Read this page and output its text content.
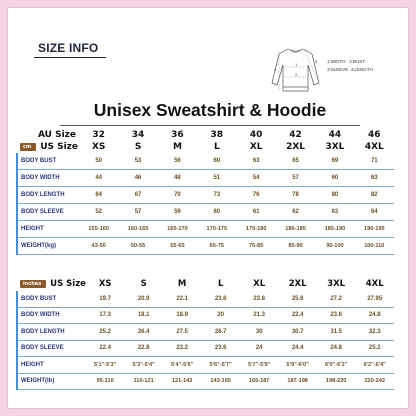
SIZE INFO
1
2
3
4
1:WIDTH 2:BUST
3:SLEEVE 4:LENGTH
Unisex Sweatshirt & Hoodie
AU Size	32	34	36	38	40	42	44	46
cm US Size	XS	S	M	L	XL	2XL	3XL	4XL
BODY BUST	50	53	56	60	63	65	69	71
BODY WIDTH	44	46	48	51	54	57	60	63
BODY LENGTH	64	67	70	73	76	78	80	82
BODY SLEEVE	52	57	59	60	61	62	63	64
HEIGHT	155-160	160-165	165-170	170-175	175-180	180-185	185-190	190-195
WEIGHT(kg)	43-50	50-55	55-65	65-75	75-85	85-90	90-100	100-110
inches US Size	XS	S	M	L	XL	2XL	3XL	4XL
BODY BUST	19.7	20.9	22.1	23.6	23.8	25.6	27.2	27.95
BODY WIDTH	17.3	18.1	18.9	20	21.3	22.4	23.6	24.8
BODY LENGTH	25.2	26.4	27.5	28.7	30	30.7	31.5	32.3
BODY SLEEVE	22.4	22.8	23.2	23.6	24	24.4	24.8	25.2
HEIGHT	5'1"-5'3"	5'3"-5'4"	5'4"-5'6"	5'6"-5'7"	5'7"-5'9"	5'9"-6'0"	6'0"-6'2"	6'2"-6'4"
WEIGHT(lb)	95-110	110-121	121-143	143-165	165-187	187-198	198-220	220-242
